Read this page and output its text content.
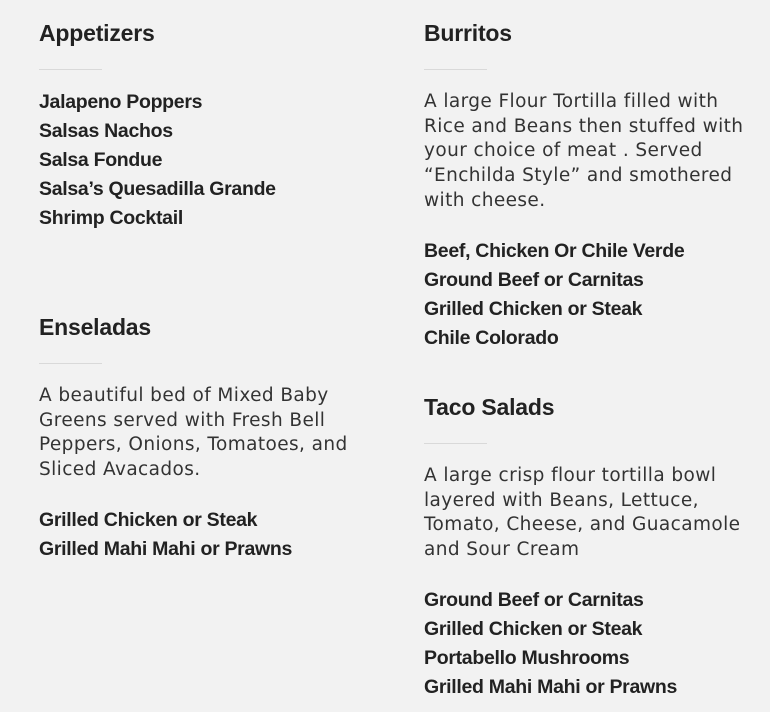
Appetizers
Jalapeno Poppers
Salsas Nachos
Salsa Fondue
Salsa’s Quesadilla Grande
Shrimp Cocktail
Enseladas

A beautiful bed of Mixed Baby Greens served with Fresh Bell Peppers, Onions, Tomatoes, and Sliced Avacados.

Grilled Chicken or Steak
Grilled Mahi Mahi or Prawns
Burritos

A large Flour Tortilla filled with Rice and Beans then stuffed with your choice of meat . Served “Enchilda Style” and smothered with cheese.

Beef, Chicken Or Chile Verde
Ground Beef or Carnitas
Grilled Chicken or Steak
Chile Colorado
Taco Salads

A large crisp flour tortilla bowl layered with Beans, Lettuce, Tomato, Cheese, and Guacamole and Sour Cream

Ground Beef or Carnitas
Grilled Chicken or Steak
Portabello Mushrooms
Grilled Mahi Mahi or Prawns
